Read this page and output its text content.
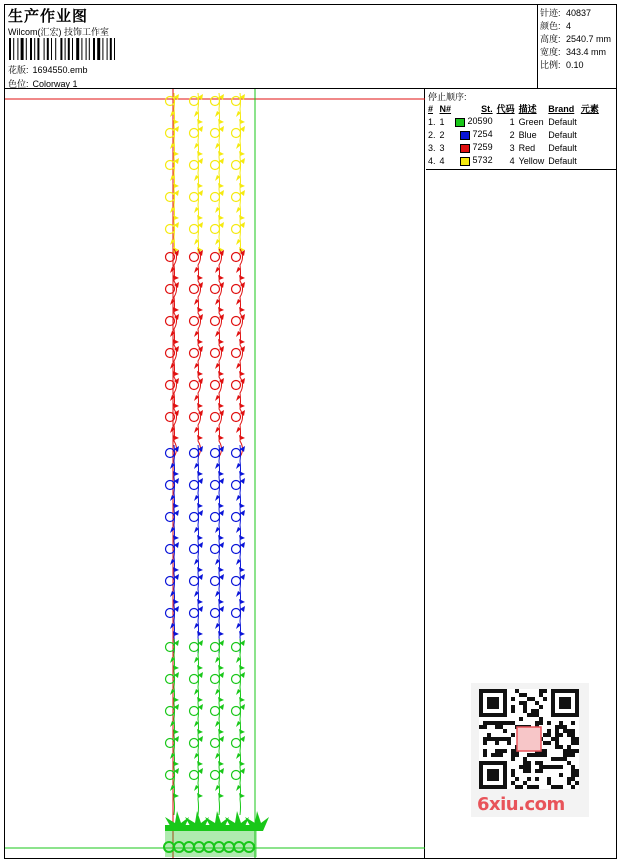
生产作业图
Wilcom(汇宏) 技饰工作室
花版: 1694550.emb
色位: Colorway 1
针迹: 40837
颜色: 4
高度: 2540.7 mm
宽度: 343.4 mm
比例: 0.10
停止顺序:
#	N#	St.	代码	描述	Brand	元素
1.	1	20590	1	Green	Default	
2.	2	7254	2	Blue	Default	
3.	3	7259	3	Red	Default	
4.	4	5732	4	Yellow	Default	
6xiu.com
